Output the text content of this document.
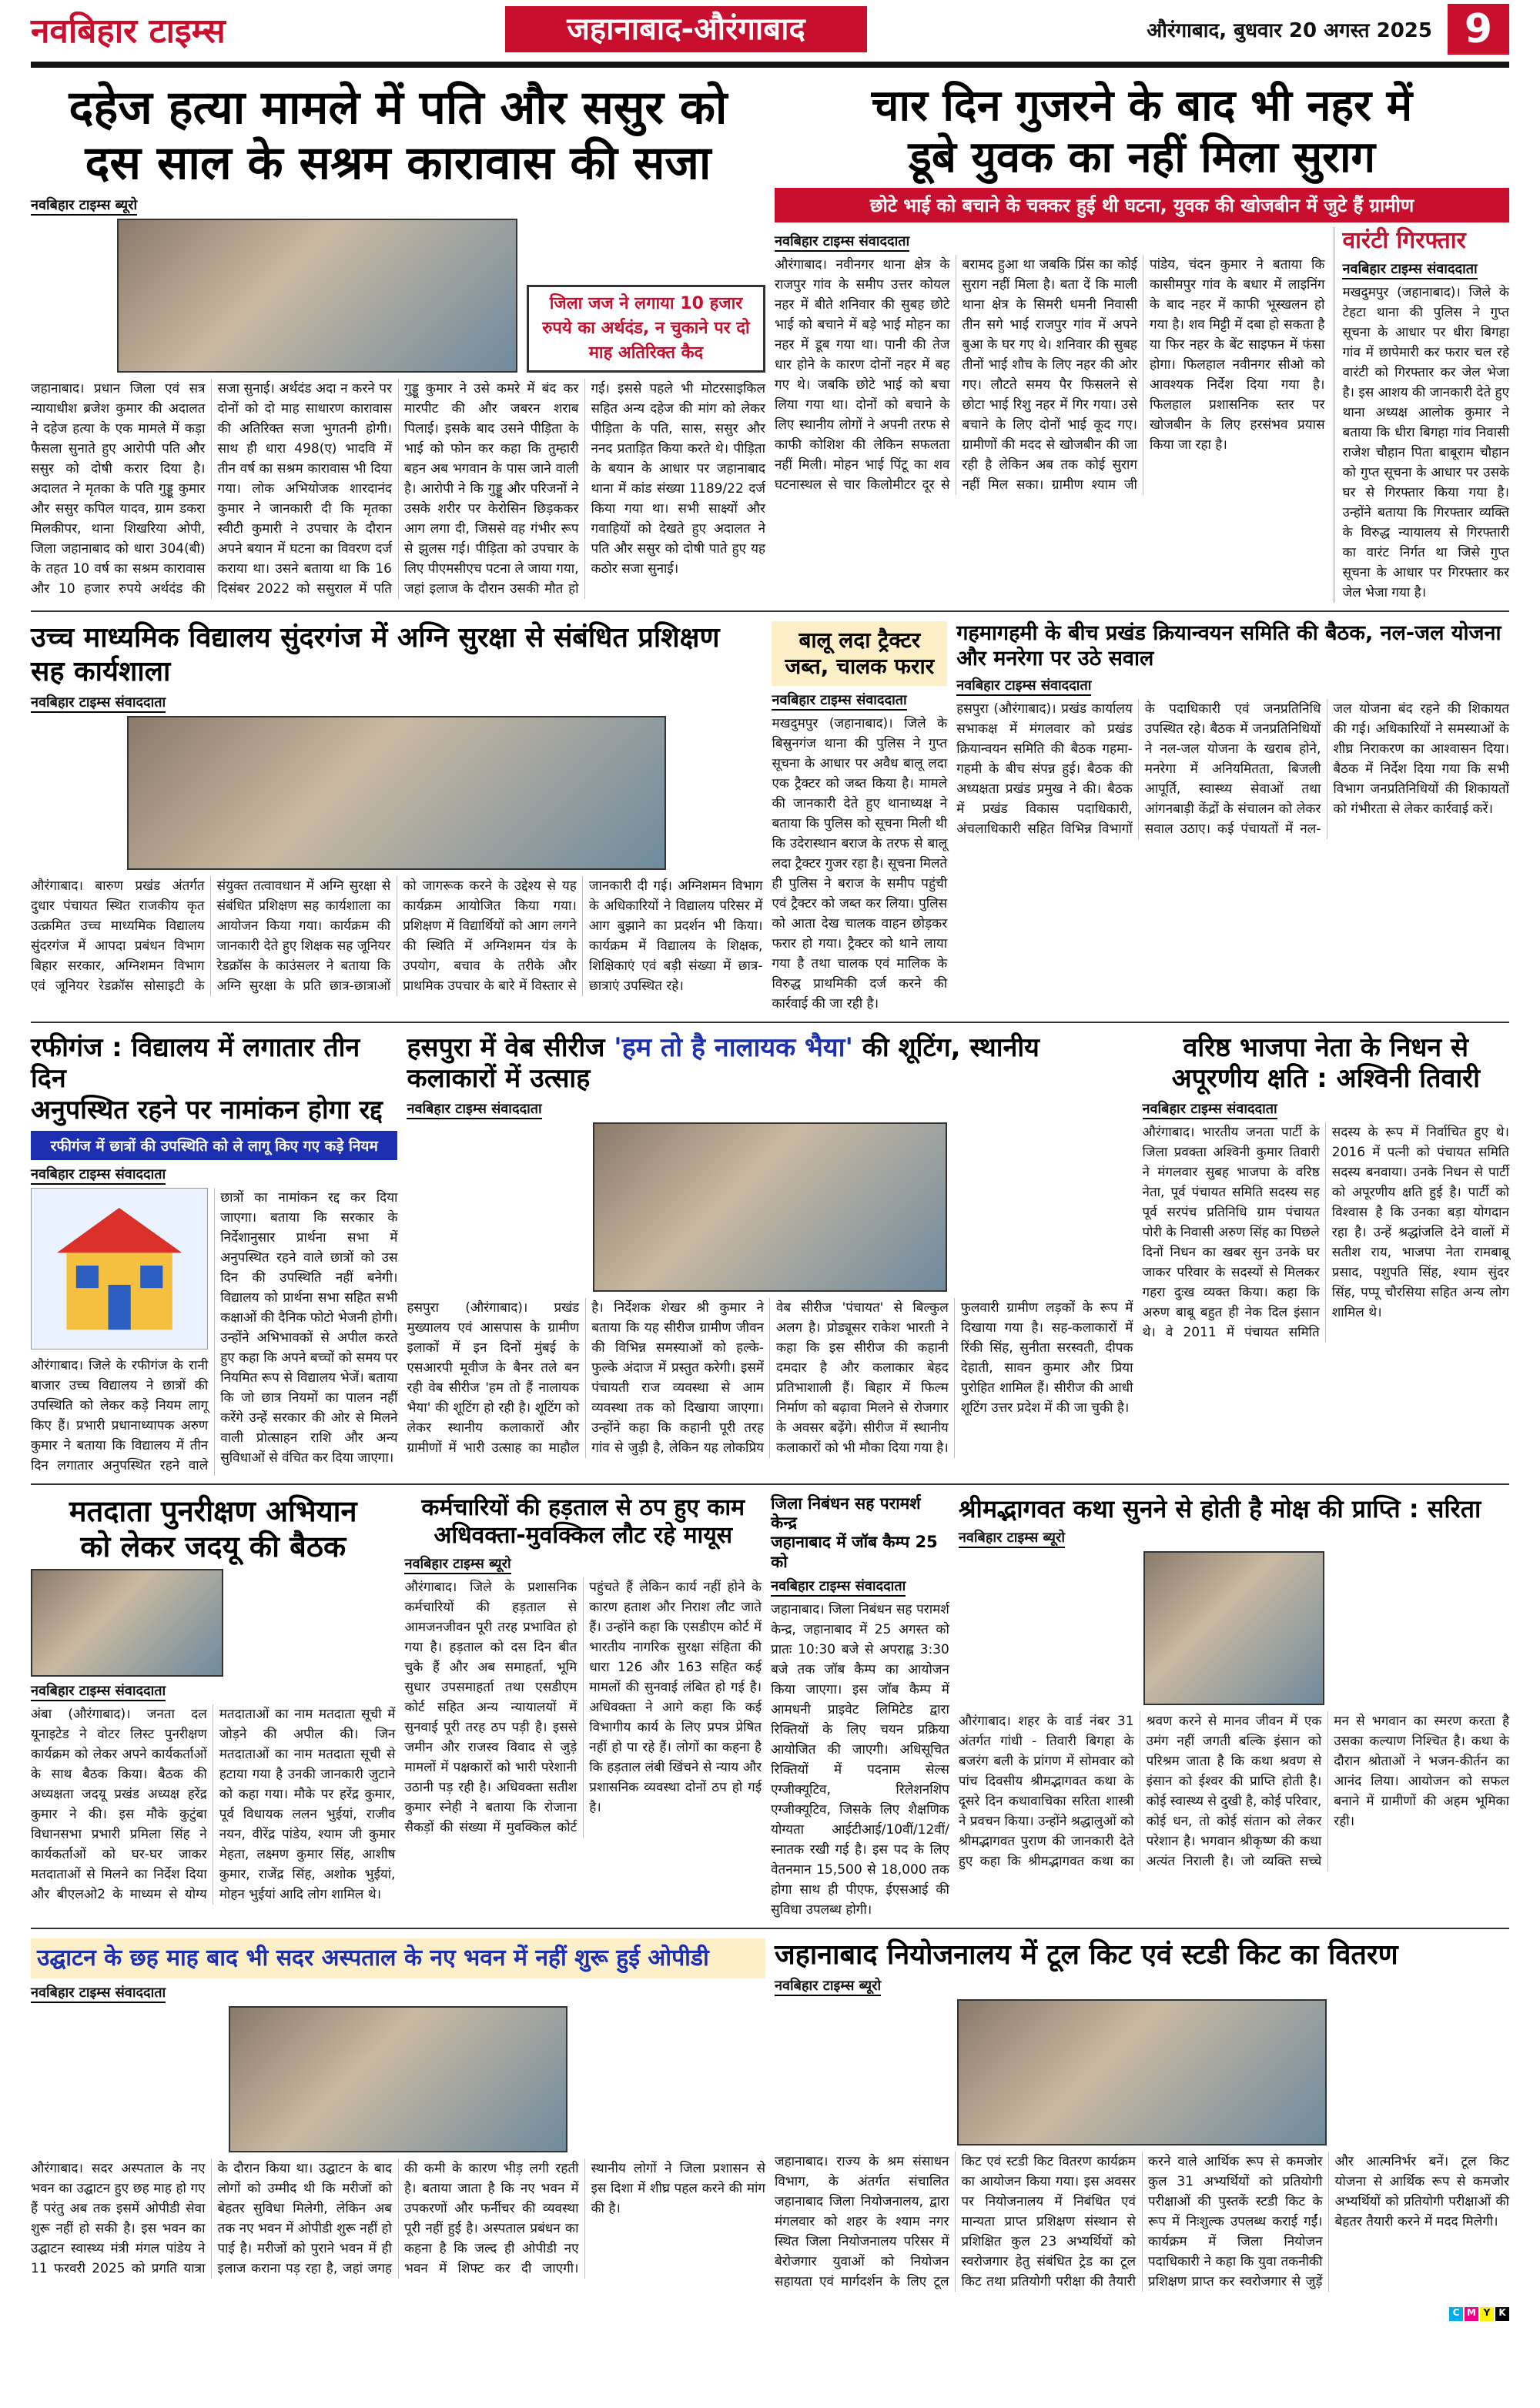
नवबिहार टाइम्स	जहानाबाद-औरंगाबाद	औरंगाबाद, बुधवार 20 अगस्त 2025 9
दहेज हत्या मामले में पति और ससुर को
दस साल के सश्रम कारावास की सजा
नवबिहार टाइम्स ब्यूरो
जिला जज ने लगाया 10 हजार रुपये का अर्थदंड, न चुकाने पर दो माह अतिरिक्त कैद
जहानाबाद। प्रधान जिला एवं सत्र न्यायाधीश ब्रजेश कुमार की अदालत ने दहेज हत्या के एक मामले में कड़ा फैसला सुनाते हुए आरोपी पति और ससुर को दोषी करार दिया है। अदालत ने मृतका के पति गुड्डू कुमार और ससुर कपिल यादव, ग्राम डकरा मिलकीपर, थाना शिखरिया ओपी, जिला जहानाबाद को धारा 304(बी) के तहत 10 वर्ष का सश्रम कारावास और 10 हजार रुपये अर्थदंड की सजा सुनाई। अर्थदंड अदा न करने पर दोनों को दो माह साधारण कारावास की अतिरिक्त सजा भुगतनी होगी। साथ ही धारा 498(ए) भादवि में तीन वर्ष का सश्रम कारावास भी दिया गया। लोक अभियोजक शारदानंद कुमार ने जानकारी दी कि मृतका स्वीटी कुमारी ने उपचार के दौरान अपने बयान में घटना का विवरण दर्ज कराया था। उसने बताया था कि 16 दिसंबर 2022 को ससुराल में पति गुड्डू कुमार ने उसे कमरे में बंद कर मारपीट की और जबरन शराब पिलाई। इसके बाद उसने पीड़िता के भाई को फोन कर कहा कि तुम्हारी बहन अब भगवान के पास जाने वाली है। आरोपी ने कि गुड्डू और परिजनों ने उसके शरीर पर केरोसिन छिड़ककर आग लगा दी, जिससे वह गंभीर रूप से झुलस गई। पीड़िता को उपचार के लिए पीएमसीएच पटना ले जाया गया, जहां इलाज के दौरान उसकी मौत हो गई। इससे पहले भी मोटरसाइकिल सहित अन्य दहेज की मांग को लेकर पीड़िता के पति, सास, ससुर और ननद प्रताड़ित किया करते थे। पीड़िता के बयान के आधार पर जहानाबाद थाना में कांड संख्या 1189/22 दर्ज किया गया था। सभी साक्ष्यों और गवाहियों को देखते हुए अदालत ने पति और ससुर को दोषी पाते हुए यह कठोर सजा सुनाई।
चार दिन गुजरने के बाद भी नहर में
डूबे युवक का नहीं मिला सुराग
छोटे भाई को बचाने के चक्कर हुई थी घटना, युवक की खोजबीन में जुटे हैं ग्रामीण
नवबिहार टाइम्स संवाददाता
औरंगाबाद। नवीनगर थाना क्षेत्र के राजपुर गांव के समीप उत्तर कोयल नहर में बीते शनिवार की सुबह छोटे भाई को बचाने में बड़े भाई मोहन का नहर में डूब गया था। पानी की तेज धार होने के कारण दोनों नहर में बह गए थे। जबकि छोटे भाई को बचा लिया गया था। दोनों को बचाने के लिए स्थानीय लोगों ने अपनी तरफ से काफी कोशिश की लेकिन सफलता नहीं मिली। मोहन भाई पिंटू का शव घटनास्थल से चार किलोमीटर दूर से बरामद हुआ था जबकि प्रिंस का कोई सुराग नहीं मिला है। बता दें कि माली थाना क्षेत्र के सिमरी धमनी निवासी तीन सगे भाई राजपुर गांव में अपने बुआ के घर गए थे। शनिवार की सुबह तीनों भाई शौच के लिए नहर की ओर गए। लौटते समय पैर फिसलने से छोटा भाई रिशु नहर में गिर गया। उसे बचाने के लिए दोनों भाई कूद गए। ग्रामीणों की मदद से खोजबीन की जा रही है लेकिन अब तक कोई सुराग नहीं मिल सका। ग्रामीण श्याम जी पांडेय, चंदन कुमार ने बताया कि कासीमपुर गांव के बधार में लाइनिंग के बाद नहर में काफी भूस्खलन हो गया है। शव मिट्टी में दबा हो सकता है या फिर नहर के बेंट साइफन में फंसा होगा। फिलहाल नवीनगर सीओ को आवश्यक निर्देश दिया गया है। फिलहाल प्रशासनिक स्तर पर खोजबीन के लिए हरसंभव प्रयास किया जा रहा है।
वारंटी गिरफ्तार
नवबिहार टाइम्स संवाददाता
मखदुमपुर (जहानाबाद)। जिले के टेहटा थाना की पुलिस ने गुप्त सूचना के आधार पर धीरा बिगहा गांव में छापेमारी कर फरार चल रहे वारंटी को गिरफ्तार कर जेल भेजा है। इस आशय की जानकारी देते हुए थाना अध्यक्ष आलोक कुमार ने बताया कि धीरा बिगहा गांव निवासी राजेश चौहान पिता बाबूराम चौहान को गुप्त सूचना के आधार पर उसके घर से गिरफ्तार किया गया है। उन्होंने बताया कि गिरफ्तार व्यक्ति के विरुद्ध न्यायालय से गिरफ्तारी का वारंट निर्गत था जिसे गुप्त सूचना के आधार पर गिरफ्तार कर जेल भेजा गया है।
उच्च माध्यमिक विद्यालय सुंदरगंज में अग्नि सुरक्षा से संबंधित प्रशिक्षण सह कार्यशाला
नवबिहार टाइम्स संवाददाता
औरंगाबाद। बारुण प्रखंड अंतर्गत दुधार पंचायत स्थित राजकीय कृत उत्क्रमित उच्च माध्यमिक विद्यालय सुंदरगंज में आपदा प्रबंधन विभाग बिहार सरकार, अग्निशमन विभाग एवं जूनियर रेडक्रॉस सोसाइटी के संयुक्त तत्वावधान में अग्नि सुरक्षा से संबंधित प्रशिक्षण सह कार्यशाला का आयोजन किया गया। कार्यक्रम की जानकारी देते हुए शिक्षक सह जूनियर रेडक्रॉस के काउंसलर ने बताया कि अग्नि सुरक्षा के प्रति छात्र-छात्राओं को जागरूक करने के उद्देश्य से यह कार्यक्रम आयोजित किया गया। प्रशिक्षण में विद्यार्थियों को आग लगने की स्थिति में अग्निशमन यंत्र के उपयोग, बचाव के तरीके और प्राथमिक उपचार के बारे में विस्तार से जानकारी दी गई। अग्निशमन विभाग के अधिकारियों ने विद्यालय परिसर में आग बुझाने का प्रदर्शन भी किया। कार्यक्रम में विद्यालय के शिक्षक, शिक्षिकाएं एवं बड़ी संख्या में छात्र-छात्राएं उपस्थित रहे।
बालू लदा ट्रैक्टर
जब्त, चालक फरार
नवबिहार टाइम्स संवाददाता
मखदुमपुर (जहानाबाद)। जिले के बिस्रुनगंज थाना की पुलिस ने गुप्त सूचना के आधार पर अवैध बालू लदा एक ट्रैक्टर को जब्त किया है। मामले की जानकारी देते हुए थानाध्यक्ष ने बताया कि पुलिस को सूचना मिली थी कि उदेरास्थान बराज के तरफ से बालू लदा ट्रैक्टर गुजर रहा है। सूचना मिलते ही पुलिस ने बराज के समीप पहुंची एवं ट्रैक्टर को जब्त कर लिया। पुलिस को आता देख चालक वाहन छोड़कर फरार हो गया। ट्रैक्टर को थाने लाया गया है तथा चालक एवं मालिक के विरुद्ध प्राथमिकी दर्ज करने की कार्रवाई की जा रही है।
गहमागहमी के बीच प्रखंड क्रियान्वयन समिति की बैठक, नल-जल योजना और मनरेगा पर उठे सवाल
नवबिहार टाइम्स संवाददाता
हसपुरा (औरंगाबाद)। प्रखंड कार्यालय सभाकक्ष में मंगलवार को प्रखंड क्रियान्वयन समिति की बैठक गहमा-गहमी के बीच संपन्न हुई। बैठक की अध्यक्षता प्रखंड प्रमुख ने की। बैठक में प्रखंड विकास पदाधिकारी, अंचलाधिकारी सहित विभिन्न विभागों के पदाधिकारी एवं जनप्रतिनिधि उपस्थित रहे। बैठक में जनप्रतिनिधियों ने नल-जल योजना के खराब होने, मनरेगा में अनियमितता, बिजली आपूर्ति, स्वास्थ्य सेवाओं तथा आंगनबाड़ी केंद्रों के संचालन को लेकर सवाल उठाए। कई पंचायतों में नल-जल योजना बंद रहने की शिकायत की गई। अधिकारियों ने समस्याओं के शीघ्र निराकरण का आश्वासन दिया। बैठक में निर्देश दिया गया कि सभी विभाग जनप्रतिनिधियों की शिकायतों को गंभीरता से लेकर कार्रवाई करें।
रफीगंज : विद्यालय में लगातार तीन दिन
अनुपस्थित रहने पर नामांकन होगा रद्द
रफीगंज में छात्रों की उपस्थिति को ले लागू किए गए कड़े नियम
नवबिहार टाइम्स संवाददाता
औरंगाबाद। जिले के रफीगंज के रानी बाजार उच्च विद्यालय ने छात्रों की उपस्थिति को लेकर कड़े नियम लागू किए हैं। प्रभारी प्रधानाध्यापक अरुण कुमार ने बताया कि विद्यालय में तीन दिन लगातार अनुपस्थित रहने वाले छात्रों का नामांकन रद्द कर दिया जाएगा। बताया कि सरकार के निर्देशानुसार प्रार्थना सभा में अनुपस्थित रहने वाले छात्रों को उस दिन की उपस्थिति नहीं बनेगी। विद्यालय को प्रार्थना सभा सहित सभी कक्षाओं की दैनिक फोटो भेजनी होगी। उन्होंने अभिभावकों से अपील करते हुए कहा कि अपने बच्चों को समय पर नियमित रूप से विद्यालय भेजें। बताया कि जो छात्र नियमों का पालन नहीं करेंगे उन्हें सरकार की ओर से मिलने वाली प्रोत्साहन राशि और अन्य सुविधाओं से वंचित कर दिया जाएगा।
हसपुरा में वेब सीरीज 'हम तो है नालायक भैया' की शूटिंग, स्थानीय कलाकारों में उत्साह
नवबिहार टाइम्स संवाददाता
हसपुरा (औरंगाबाद)। प्रखंड मुख्यालय एवं आसपास के ग्रामीण इलाकों में इन दिनों मुंबई के एसआरपी मूवीज के बैनर तले बन रही वेब सीरीज 'हम तो हैं नालायक भैया' की शूटिंग हो रही है। शूटिंग को लेकर स्थानीय कलाकारों और ग्रामीणों में भारी उत्साह का माहौल है। निर्देशक शेखर श्री कुमार ने बताया कि यह सीरीज ग्रामीण जीवन की विभिन्न समस्याओं को हल्के-फुल्के अंदाज में प्रस्तुत करेगी। इसमें पंचायती राज व्यवस्था से आम व्यवस्था तक को दिखाया जाएगा। उन्होंने कहा कि कहानी पूरी तरह गांव से जुड़ी है, लेकिन यह लोकप्रिय वेब सीरीज 'पंचायत' से बिल्कुल अलग है। प्रोड्यूसर राकेश भारती ने कहा कि इस सीरीज की कहानी दमदार है और कलाकार बेहद प्रतिभाशाली हैं। बिहार में फिल्म निर्माण को बढ़ावा मिलने से रोजगार के अवसर बढ़ेंगे। सीरीज में स्थानीय कलाकारों को भी मौका दिया गया है। फुलवारी ग्रामीण लड़कों के रूप में दिखाया गया है। सह-कलाकारों में रिंकी सिंह, सुनीता सरस्वती, दीपक देहाती, सावन कुमार और प्रिया पुरोहित शामिल हैं। सीरीज की आधी शूटिंग उत्तर प्रदेश में की जा चुकी है।
वरिष्ठ भाजपा नेता के निधन से
अपूरणीय क्षति : अश्विनी तिवारी
नवबिहार टाइम्स संवाददाता
औरंगाबाद। भारतीय जनता पार्टी के जिला प्रवक्ता अश्विनी कुमार तिवारी ने मंगलवार सुबह भाजपा के वरिष्ठ नेता, पूर्व पंचायत समिति सदस्य सह पूर्व सरपंच प्रतिनिधि ग्राम पंचायत पोरी के निवासी अरुण सिंह का पिछले दिनों निधन का खबर सुन उनके घर जाकर परिवार के सदस्यों से मिलकर गहरा दुःख व्यक्त किया। कहा कि अरुण बाबू बहुत ही नेक दिल इंसान थे। वे 2011 में पंचायत समिति सदस्य के रूप में निर्वाचित हुए थे। 2016 में पत्नी को पंचायत समिति सदस्य बनवाया। उनके निधन से पार्टी को अपूरणीय क्षति हुई है। पार्टी को विश्वास है कि उनका बड़ा योगदान रहा है। उन्हें श्रद्धांजलि देने वालों में सतीश राय, भाजपा नेता रामबाबू प्रसाद, पशुपति सिंह, श्याम सुंदर सिंह, पप्पू चौरसिया सहित अन्य लोग शामिल थे।
मतदाता पुनरीक्षण अभियान
को लेकर जदयू की बैठक
नवबिहार टाइम्स संवाददाता
अंबा (औरंगाबाद)। जनता दल यूनाइटेड ने वोटर लिस्ट पुनरीक्षण कार्यक्रम को लेकर अपने कार्यकर्ताओं के साथ बैठक किया। बैठक की अध्यक्षता जदयू प्रखंड अध्यक्ष हरेंद्र कुमार ने की। इस मौके कुटुंबा विधानसभा प्रभारी प्रमिला सिंह ने कार्यकर्ताओं को घर-घर जाकर मतदाताओं से मिलने का निर्देश दिया और बीएलओ2 के माध्यम से योग्य मतदाताओं का नाम मतदाता सूची में जोड़ने की अपील की। जिन मतदाताओं का नाम मतदाता सूची से हटाया गया है उनकी जानकारी जुटाने को कहा गया। मौके पर हरेंद्र कुमार, पूर्व विधायक ललन भुईयां, राजीव नयन, वीरेंद्र पांडेय, श्याम जी कुमार मेहता, लक्ष्मण कुमार सिंह, आशीष कुमार, राजेंद्र सिंह, अशोक भुईयां, मोहन भुईयां आदि लोग शामिल थे।
कर्मचारियों की हड़ताल से ठप हुए काम
अधिवक्ता-मुवक्किल लौट रहे मायूस
नवबिहार टाइम्स ब्यूरो
औरंगाबाद। जिले के प्रशासनिक कर्मचारियों की हड़ताल से आमजनजीवन पूरी तरह प्रभावित हो गया है। हड़ताल को दस दिन बीत चुके हैं और अब समाहर्ता, भूमि सुधार उपसमाहर्ता तथा एसडीएम कोर्ट सहित अन्य न्यायालयों में सुनवाई पूरी तरह ठप पड़ी है। इससे जमीन और राजस्व विवाद से जुड़े मामलों में पक्षकारों को भारी परेशानी उठानी पड़ रही है। अधिवक्ता सतीश कुमार स्नेही ने बताया कि रोजाना सैकड़ों की संख्या में मुवक्किल कोर्ट पहुंचते हैं लेकिन कार्य नहीं होने के कारण हताश और निराश लौट जाते हैं। उन्होंने कहा कि एसडीएम कोर्ट में भारतीय नागरिक सुरक्षा संहिता की धारा 126 और 163 सहित कई मामलों की सुनवाई लंबित हो गई है। अधिवक्ता ने आगे कहा कि कई विभागीय कार्य के लिए प्रपत्र प्रेषित नहीं हो पा रहे हैं। लोगों का कहना है कि हड़ताल लंबी खिंचने से न्याय और प्रशासनिक व्यवस्था दोनों ठप हो गई है।
जिला निबंधन सह परामर्श केन्द्र
जहानाबाद में जॉब कैम्प 25 को
नवबिहार टाइम्स संवाददाता
जहानाबाद। जिला निबंधन सह परामर्श केन्द्र, जहानाबाद में 25 अगस्त को प्रातः 10:30 बजे से अपराह्न 3:30 बजे तक जॉब कैम्प का आयोजन किया जाएगा। इस जॉब कैम्प में आमधनी प्राइवेट लिमिटेड द्वारा रिक्तियों के लिए चयन प्रक्रिया आयोजित की जाएगी। अधिसूचित रिक्तियों में पदनाम सेल्स एग्जीक्यूटिव, रिलेशनशिप एग्जीक्यूटिव, जिसके लिए शैक्षणिक योग्यता आईटीआई/10वीं/12वीं/स्नातक रखी गई है। इस पद के लिए वेतनमान 15,500 से 18,000 तक होगा साथ ही पीएफ, ईएसआई की सुविधा उपलब्ध होगी।
श्रीमद्भागवत कथा सुनने से होती है मोक्ष की प्राप्ति : सरिता
नवबिहार टाइम्स ब्यूरो
औरंगाबाद। शहर के वार्ड नंबर 31 अंतर्गत गांधी - तिवारी बिगहा के बजरंग बली के प्रांगण में सोमवार को पांच दिवसीय श्रीमद्भागवत कथा के दूसरे दिन कथावाचिका सरिता शास्त्री ने प्रवचन किया। उन्होंने श्रद्धालुओं को श्रीमद्भागवत पुराण की जानकारी देते हुए कहा कि श्रीमद्भागवत कथा का श्रवण करने से मानव जीवन में एक उमंग नहीं जगती बल्कि इंसान को परिश्रम जाता है कि कथा श्रवण से इंसान को ईश्वर की प्राप्ति होती है। कोई स्वास्थ्य से दुखी है, कोई परिवार, कोई धन, तो कोई संतान को लेकर परेशान है। भगवान श्रीकृष्ण की कथा अत्यंत निराली है। जो व्यक्ति सच्चे मन से भगवान का स्मरण करता है उसका कल्याण निश्चित है। कथा के दौरान श्रोताओं ने भजन-कीर्तन का आनंद लिया। आयोजन को सफल बनाने में ग्रामीणों की अहम भूमिका रही।
उद्घाटन के छह माह बाद भी सदर अस्पताल के नए भवन में नहीं शुरू हुई ओपीडी
नवबिहार टाइम्स संवाददाता
औरंगाबाद। सदर अस्पताल के नए भवन का उद्घाटन हुए छह माह हो गए हैं परंतु अब तक इसमें ओपीडी सेवा शुरू नहीं हो सकी है। इस भवन का उद्घाटन स्वास्थ्य मंत्री मंगल पांडेय ने 11 फरवरी 2025 को प्रगति यात्रा के दौरान किया था। उद्घाटन के बाद लोगों को उम्मीद थी कि मरीजों को बेहतर सुविधा मिलेगी, लेकिन अब तक नए भवन में ओपीडी शुरू नहीं हो पाई है। मरीजों को पुराने भवन में ही इलाज कराना पड़ रहा है, जहां जगह की कमी के कारण भीड़ लगी रहती है। बताया जाता है कि नए भवन में उपकरणों और फर्नीचर की व्यवस्था पूरी नहीं हुई है। अस्पताल प्रबंधन का कहना है कि जल्द ही ओपीडी नए भवन में शिफ्ट कर दी जाएगी। स्थानीय लोगों ने जिला प्रशासन से इस दिशा में शीघ्र पहल करने की मांग की है।
जहानाबाद नियोजनालय में टूल किट एवं स्टडी किट का वितरण
नवबिहार टाइम्स ब्यूरो
जहानाबाद। राज्य के श्रम संसाधन विभाग, के अंतर्गत संचालित जहानाबाद जिला नियोजनालय, द्वारा मंगलवार को शहर के श्याम नगर स्थित जिला नियोजनालय परिसर में बेरोजगार युवाओं को नियोजन सहायता एवं मार्गदर्शन के लिए टूल किट एवं स्टडी किट वितरण कार्यक्रम का आयोजन किया गया। इस अवसर पर नियोजनालय में निबंधित एवं मान्यता प्राप्त प्रशिक्षण संस्थान से प्रशिक्षित कुल 23 अभ्यर्थियों को स्वरोजगार हेतु संबंधित ट्रेड का टूल किट तथा प्रतियोगी परीक्षा की तैयारी करने वाले आर्थिक रूप से कमजोर कुल 31 अभ्यर्थियों को प्रतियोगी परीक्षाओं की पुस्तकें स्टडी किट के रूप में निःशुल्क उपलब्ध कराई गईं। कार्यक्रम में जिला नियोजन पदाधिकारी ने कहा कि युवा तकनीकी प्रशिक्षण प्राप्त कर स्वरोजगार से जुड़ें और आत्मनिर्भर बनें। टूल किट योजना से आर्थिक रूप से कमजोर अभ्यर्थियों को प्रतियोगी परीक्षाओं की बेहतर तैयारी करने में मदद मिलेगी।
C M Y K
